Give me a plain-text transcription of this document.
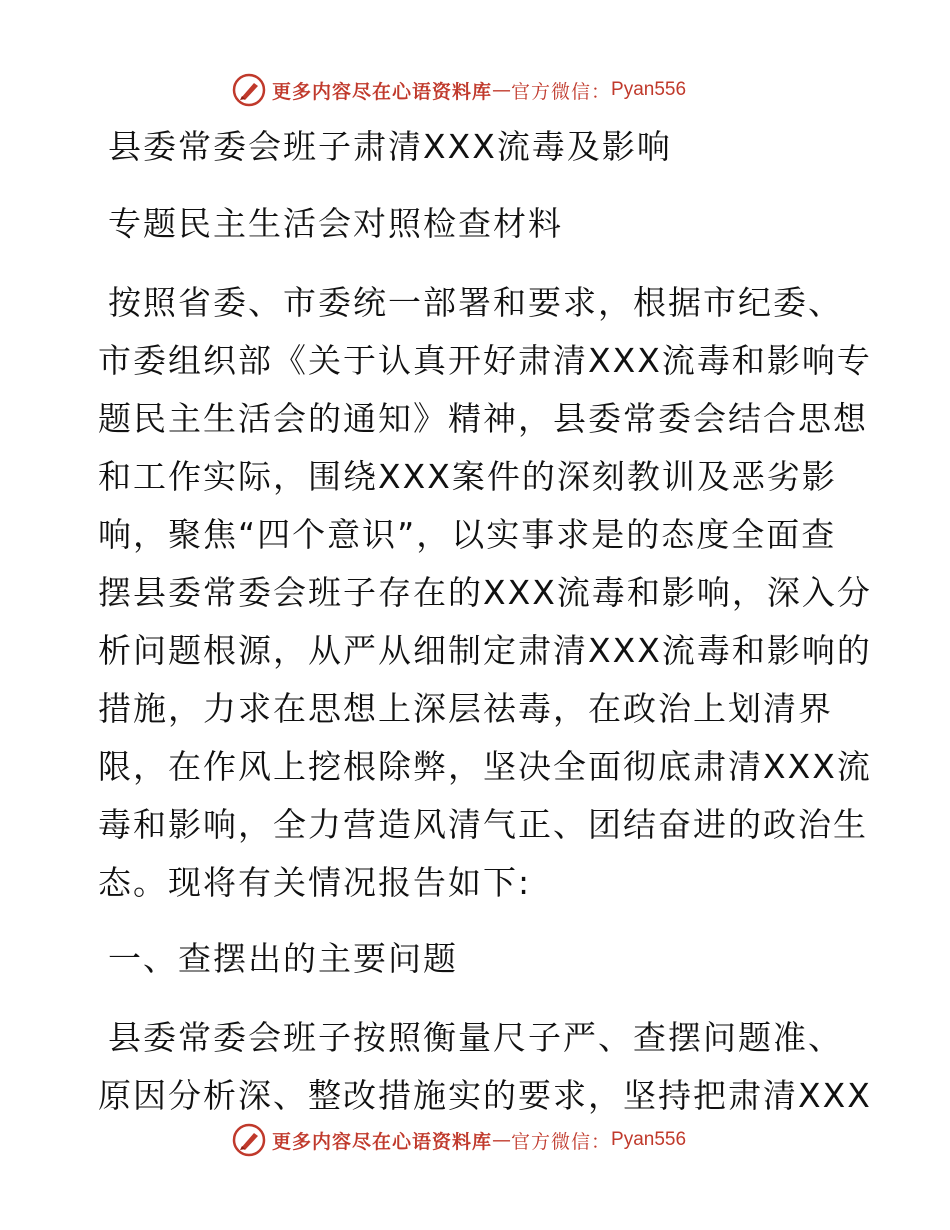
更多内容尽在心语资料库 — 官方微信： Pyan556
县委常委会班子肃清XXX流毒及影响
专题民主生活会对照检查材料
按照省委、市委统一部署和要求，根据市纪委、
市委组织部《关于认真开好肃清XXX流毒和影响专
题民主生活会的通知》精神，县委常委会结合思想
和工作实际，围绕XXX案件的深刻教训及恶劣影
响，聚焦“四个意识”，以实事求是的态度全面查
摆县委常委会班子存在的XXX流毒和影响，深入分
析问题根源，从严从细制定肃清XXX流毒和影响的
措施，力求在思想上深层祛毒，在政治上划清界
限，在作风上挖根除弊，坚决全面彻底肃清XXX流
毒和影响，全力营造风清气正、团结奋进的政治生
态。现将有关情况报告如下:
一、查摆出的主要问题
县委常委会班子按照衡量尺子严、查摆问题准、
原因分析深、整改措施实的要求，坚持把肃清XXX
更多内容尽在心语资料库 — 官方微信： Pyan556
